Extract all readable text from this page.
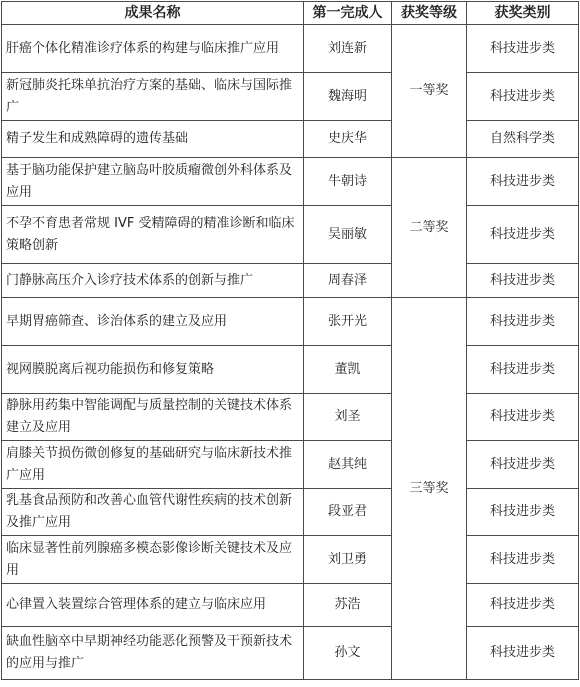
成果名称	第一完成人	获奖等级	获奖类别
肝癌个体化精准诊疗体系的构建与临床推广应用	刘连新	一等奖	科技进步类
新冠肺炎托珠单抗治疗方案的基础、临床与国际推广	魏海明		科技进步类
精子发生和成熟障碍的遗传基础	史庆华		自然科学类
基于脑功能保护建立脑岛叶胶质瘤微创外科体系及应用	牛朝诗	二等奖	科技进步类
不孕不育患者常规 IVF 受精障碍的精准诊断和临床策略创新	吴丽敏		科技进步类
门静脉高压介入诊疗技术体系的创新与推广	周春泽		科技进步类
早期胃癌筛查、诊治体系的建立及应用	张开光	三等奖	科技进步类
视网膜脱离后视功能损伤和修复策略	董凯		科技进步类
静脉用药集中智能调配与质量控制的关键技术体系建立及应用	刘圣		科技进步类
肩膝关节损伤微创修复的基础研究与临床新技术推广应用	赵其纯		科技进步类
乳基食品预防和改善心血管代谢性疾病的技术创新及推广应用	段亚君		科技进步类
临床显著性前列腺癌多模态影像诊断关键技术及应用	刘卫勇		科技进步类
心律置入装置综合管理体系的建立与临床应用	苏浩		科技进步类
缺血性脑卒中早期神经功能恶化预警及干预新技术的应用与推广	孙文		科技进步类
